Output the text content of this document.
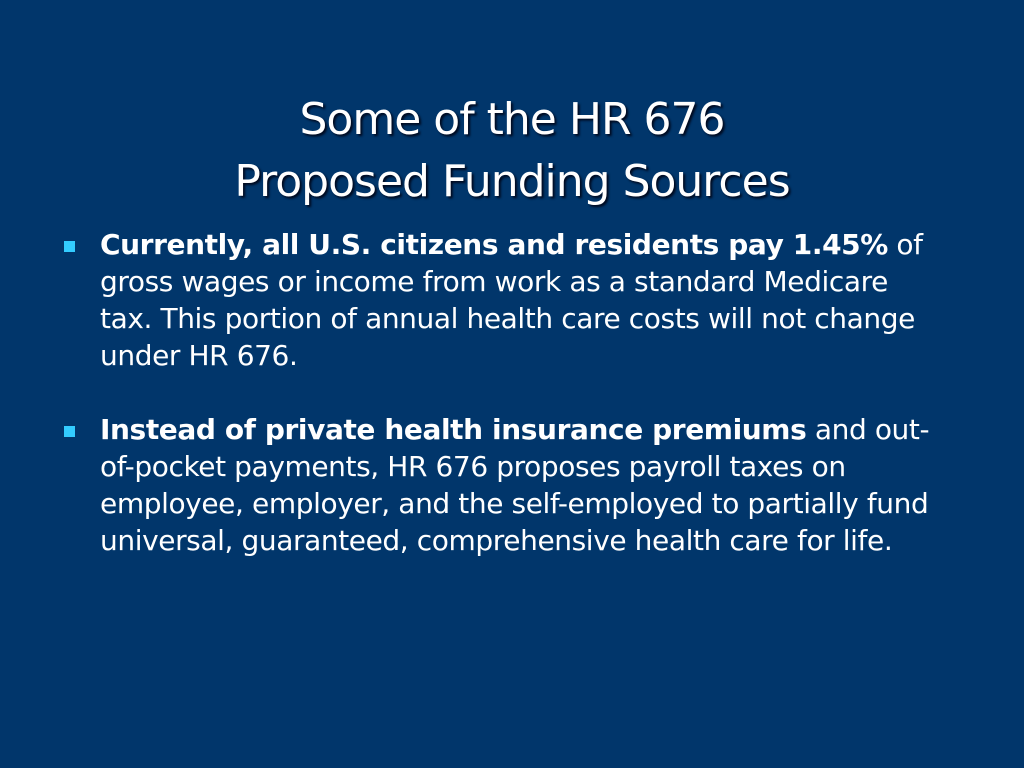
Some of the HR 676
Proposed Funding Sources
Currently, all U.S. citizens and residents pay 1.45% of gross wages or income from work as a standard Medicare tax. This portion of annual health care costs will not change under HR 676.
Instead of private health insurance premiums and out-of-pocket payments, HR 676 proposes payroll taxes on employee, employer, and the self-employed to partially fund universal, guaranteed, comprehensive health care for life.
